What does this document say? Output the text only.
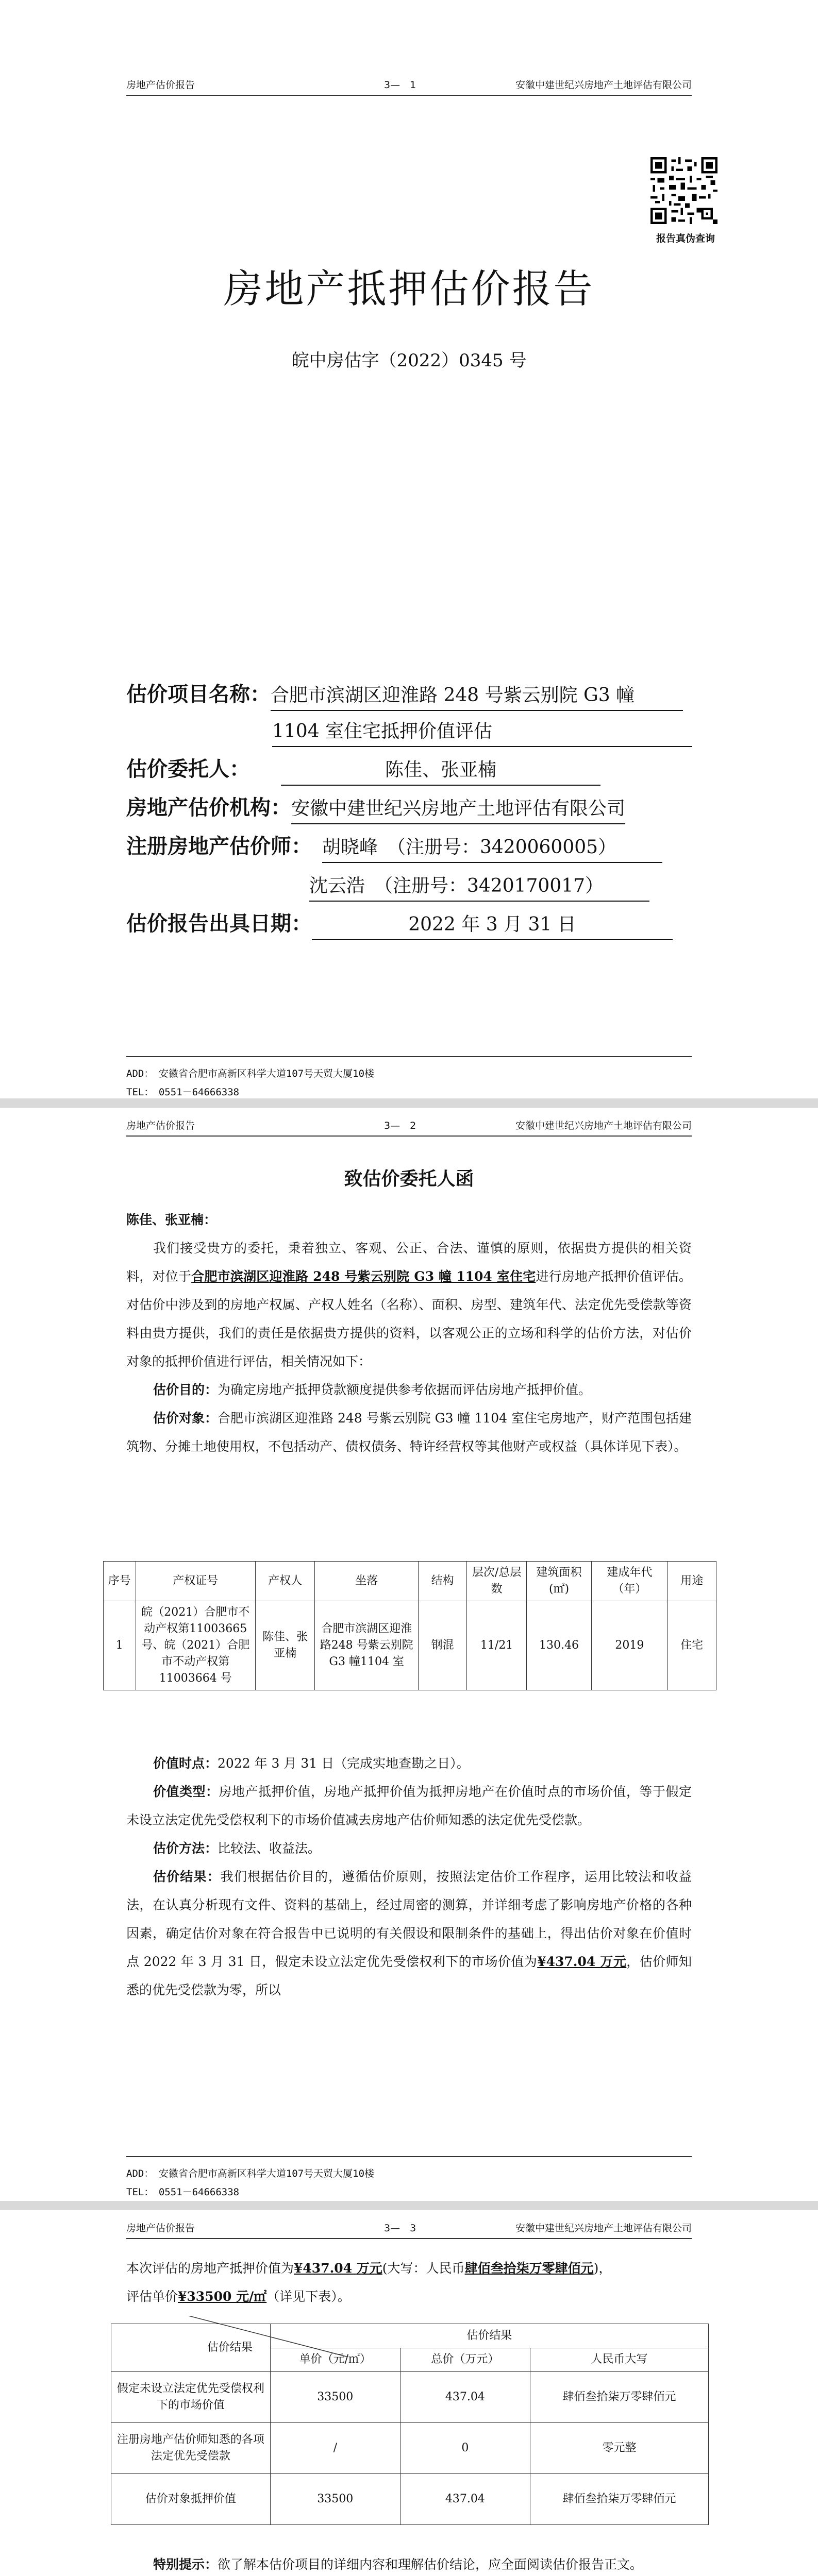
房地产估价报告	3—　1	安徽中建世纪兴房地产土地评估有限公司
报告真伪查询
房地产抵押估价报告
皖中房估字（2022）0345 号
估价项目名称：合肥市滨湖区迎淮路 248 号紫云别院 G3 幢
1104 室住宅抵押价值评估
估价委托人：	陈佳、张亚楠
房地产估价机构：安徽中建世纪兴房地产土地评估有限公司
注册房地产估价师： 胡晓峰　（注册号：3420060005）
沈云浩　（注册号：3420170017）
估价报告出具日期：	2022 年 3 月 31 日
ADD：　安徽省合肥市高新区科学大道107号天贸大厦10楼
TEL：　0551－64666338
房地产估价报告	3—　2	安徽中建世纪兴房地产土地评估有限公司
致估价委托人函
陈佳、张亚楠：
我们接受贵方的委托，秉着独立、客观、公正、合法、谨慎的原则，依据贵方提供的相关资料，对位于合肥市滨湖区迎淮路 248 号紫云别院 G3 幢 1104 室住宅进行房地产抵押价值评估。对估价中涉及到的房地产权属、产权人姓名（名称）、面积、房型、建筑年代、法定优先受偿款等资料由贵方提供，我们的责任是依据贵方提供的资料，以客观公正的立场和科学的估价方法，对估价对象的抵押价值进行评估，相关情况如下：
估价目的：为确定房地产抵押贷款额度提供参考依据而评估房地产抵押价值。
估价对象：合肥市滨湖区迎淮路 248 号紫云别院 G3 幢 1104 室住宅房地产，财产范围包括建筑物、分摊土地使用权，不包括动产、债权债务、特许经营权等其他财产或权益（具体详见下表）。
序号	产权证号	产权人	坐落	结构	层次/总层数	建筑面积(㎡)	建成年代（年）	用途
1	皖（2021）合肥市不动产权第11003665 号、皖（2021）合肥市不动产权第11003664 号	陈佳、张亚楠	合肥市滨湖区迎淮路248 号紫云别院 G3 幢1104 室	钢混	11/21	130.46	2019	住宅
价值时点：2022 年 3 月 31 日（完成实地查勘之日）。
价值类型：房地产抵押价值，房地产抵押价值为抵押房地产在价值时点的市场价值，等于假定未设立法定优先受偿权利下的市场价值减去房地产估价师知悉的法定优先受偿款。
估价方法：比较法、收益法。
估价结果：我们根据估价目的，遵循估价原则，按照法定估价工作程序，运用比较法和收益法，在认真分析现有文件、资料的基础上，经过周密的测算，并详细考虑了影响房地产价格的各种因素，确定估价对象在符合报告中已说明的有关假设和限制条件的基础上，得出估价对象在价值时点 2022 年 3 月 31 日，假定未设立法定优先受偿权利下的市场价值为¥437.04 万元，估价师知悉的优先受偿款为零，所以
ADD：　安徽省合肥市高新区科学大道107号天贸大厦10楼
TEL：　0551－64666338
房地产估价报告	3—　3	安徽中建世纪兴房地产土地评估有限公司
本次评估的房地产抵押价值为¥437.04 万元(大写：人民币肆佰叁拾柒万零肆佰元)，
评估单价¥33500 元/㎡（详见下表）。
估价结果	估价结果		
	单价（元/㎡）	总价（万元）	人民币大写
假定未设立法定优先受偿权利下的市场价值	33500	437.04	肆佰叁拾柒万零肆佰元
注册房地产估价师知悉的各项法定优先受偿款	/	0	零元整
估价对象抵押价值	33500	437.04	肆佰叁拾柒万零肆佰元
特别提示：欲了解本估价项目的详细内容和理解估价结论，应全面阅读估价报告正文。
